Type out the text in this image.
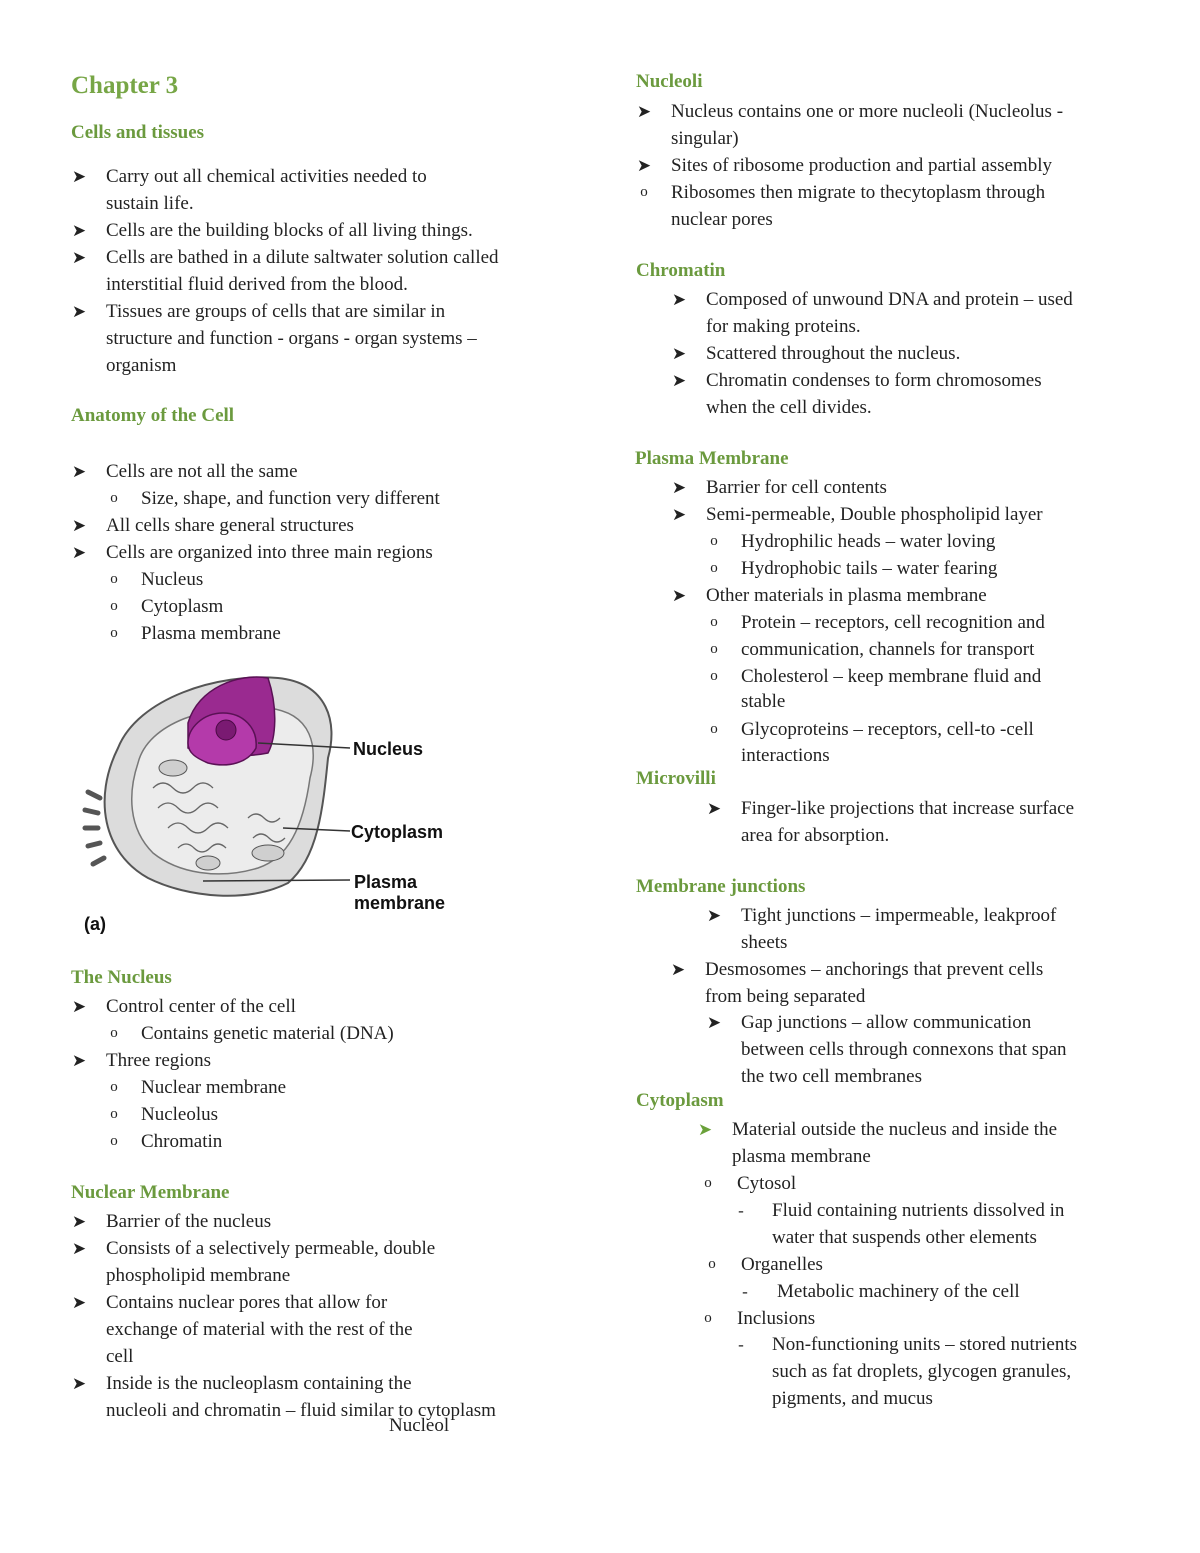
Chapter 3
Cells and tissues
➤ Carry out all chemical activities needed to
sustain life.
➤ Cells are the building blocks of all living things.
➤ Cells are bathed in a dilute saltwater solution called
interstitial fluid derived from the blood.
➤ Tissues are groups of cells that are similar in
structure and function - organs - organ systems –
organism
Anatomy of the Cell
➤ Cells are not all the same
o	Size, shape, and function very different
➤ All cells share general structures
➤ Cells are organized into three main regions
o	Nucleus
o	Cytoplasm
o	Plasma membrane
Nucleus
Cytoplasm
Plasma
membrane
(a)
The Nucleus
➤ Control center of the cell
o	Contains genetic material (DNA)
➤ Three regions
o	Nuclear membrane
o	Nucleolus
o	Chromatin
Nuclear Membrane
➤ Barrier of the nucleus
➤ Consists of a selectively permeable, double
phospholipid membrane
➤ Contains nuclear pores that allow for
exchange of material with the rest of the
cell
➤ Inside is the nucleoplasm containing the
nucleoli and chromatin – fluid similar to cytoplasm
Nucleol
Nucleoli
➤ Nucleus contains one or more nucleoli (Nucleolus -
singular)
➤ Sites of ribosome production and partial assembly
o	Ribosomes then migrate to thecytoplasm through
nuclear pores
Chromatin
➤ Composed of unwound DNA and protein – used
for making proteins.
➤ Scattered throughout the nucleus.
➤ Chromatin condenses to form chromosomes
when the cell divides.
Plasma Membrane
➤ Barrier for cell contents
➤ Semi-permeable, Double phospholipid layer
o	Hydrophilic heads – water loving
o	Hydrophobic tails – water fearing
➤ Other materials in plasma membrane
o	Protein – receptors, cell recognition and
o	communication, channels for transport
o	Cholesterol – keep membrane fluid and
stable
o	Glycoproteins – receptors, cell-to -cell
interactions
Microvilli
➤ Finger-like projections that increase surface
area for absorption.
Membrane junctions
➤ Tight junctions – impermeable, leakproof
sheets
➤ Desmosomes – anchorings that prevent cells
from being separated
➤ Gap junctions – allow communication
between cells through connexons that span
the two cell membranes
Cytoplasm
➤ Material outside the nucleus and inside the
plasma membrane
o	Cytosol
-	Fluid containing nutrients dissolved in
water that suspends other elements
o	Organelles
-	Metabolic machinery of the cell
o	Inclusions
-	Non-functioning units – stored nutrients
such as fat droplets, glycogen granules,
pigments, and mucus
